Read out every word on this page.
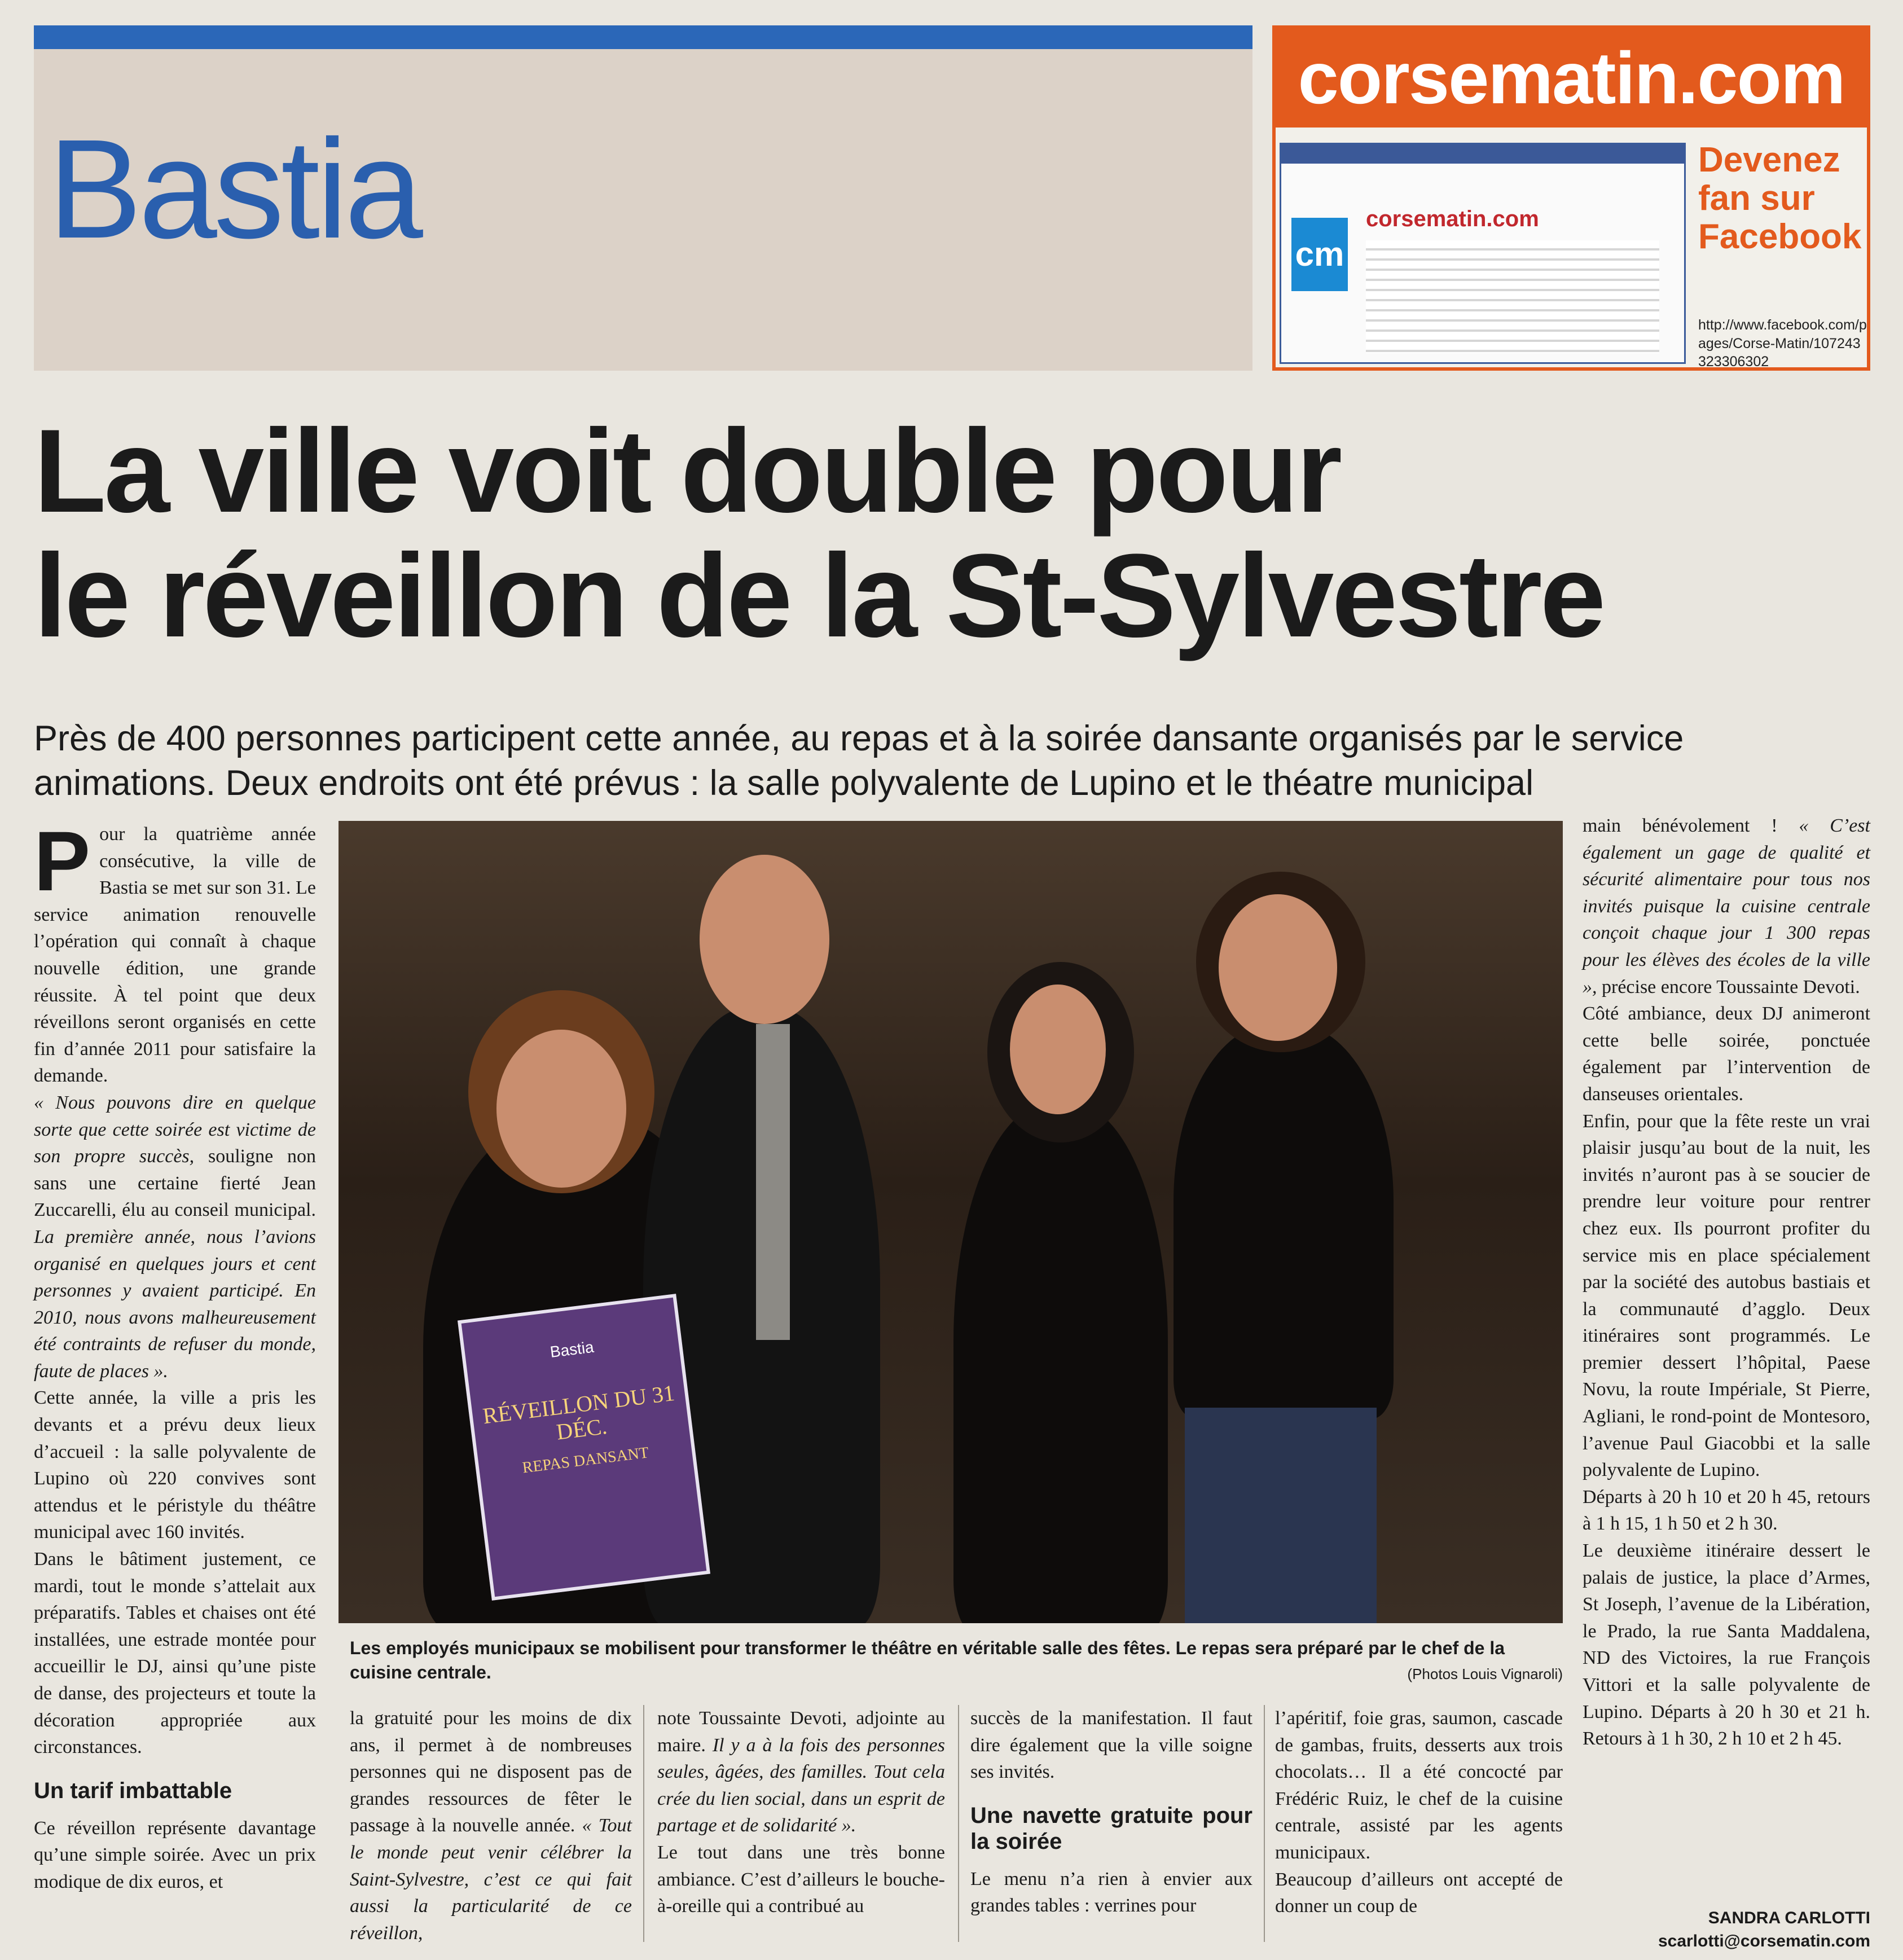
Bastia
corsematin.com
cm
corsematin.com
Devenez fan sur Facebook
http://www.facebook.com/pages/Corse-Matin/107243323306302
La ville voit double pour
le réveillon de la St-Sylvestre
Près de 400 personnes participent cette année, au repas et à la soirée dansante organisés par le service animations. Deux endroits ont été prévus : la salle polyvalente de Lupino et le théatre municipal
P our la quatrième année consécutive, la ville de Bastia se met sur son 31. Le service animation renouvelle l’opération qui connaît à chaque nouvelle édition, une grande réussite. À tel point que deux réveillons seront organisés en cette fin d’année 2011 pour satisfaire la demande.

« Nous pouvons dire en quelque sorte que cette soirée est victime de son propre succès, souligne non sans une certaine fierté Jean Zuccarelli, élu au conseil municipal. La première année, nous l’avions organisé en quelques jours et cent personnes y avaient participé. En 2010, nous avons malheureusement été contraints de refuser du monde, faute de places ».

Cette année, la ville a pris les devants et a prévu deux lieux d’accueil : la salle polyvalente de Lupino où 220 convives sont attendus et le péristyle du théâtre municipal avec 160 invités.

Dans le bâtiment justement, ce mardi, tout le monde s’attelait aux préparatifs. Tables et chaises ont été installées, une estrade montée pour accueillir le DJ, ainsi qu’une piste de danse, des projecteurs et toute la décoration appropriée aux circonstances.

Un tarif imbattable

Ce réveillon représente davantage qu’une simple soirée. Avec un prix modique de dix euros, et

Bastia
RÉVEILLON DU 31 DÉC.
REPAS DANSANT
Les employés municipaux se mobilisent pour transformer le théâtre en véritable salle des fêtes. Le repas sera préparé par le chef de la cuisine centrale.	(Photos Louis Vignaroli)

la gratuité pour les moins de dix ans, il permet à de nombreuses personnes qui ne disposent pas de grandes ressources de fêter le passage à la nouvelle année. « Tout le monde peut venir célébrer la Saint-Sylvestre, c’est ce qui fait aussi la particularité de ce réveillon,

note Toussainte Devoti, adjointe au maire. Il y a à la fois des personnes seules, âgées, des familles. Tout cela crée du lien social, dans un esprit de partage et de solidarité ».

Le tout dans une très bonne ambiance. C’est d’ailleurs le bouche-à-oreille qui a contribué au

succès de la manifestation. Il faut dire également que la ville soigne ses invités.

Une navette gratuite pour la soirée

Le menu n’a rien à envier aux grandes tables : verrines pour

l’apéritif, foie gras, saumon, cascade de gambas, fruits, desserts aux trois chocolats… Il a été concocté par Frédéric Ruiz, le chef de la cuisine centrale, assisté par les agents municipaux.

Beaucoup d’ailleurs ont accepté de donner un coup de

main bénévolement ! « C’est également un gage de qualité et sécurité alimentaire pour tous nos invités puisque la cuisine centrale conçoit chaque jour 1 300 repas pour les élèves des écoles de la ville », précise encore Toussainte Devoti.

Côté ambiance, deux DJ animeront cette belle soirée, ponctuée également par l’intervention de danseuses orientales.

Enfin, pour que la fête reste un vrai plaisir jusqu’au bout de la nuit, les invités n’auront pas à se soucier de prendre leur voiture pour rentrer chez eux. Ils pourront profiter du service mis en place spécialement par la société des autobus bastiais et la communauté d’agglo. Deux itinéraires sont programmés. Le premier dessert l’hôpital, Paese Novu, la route Impériale, St Pierre, Agliani, le rond-point de Montesoro, l’avenue Paul Giacobbi et la salle polyvalente de Lupino.

Départs à 20 h 10 et 20 h 45, retours à 1 h 15, 1 h 50 et 2 h 30.

Le deuxième itinéraire dessert le palais de justice, la place d’Armes, St Joseph, l’avenue de la Libération, le Prado, la rue Santa Maddalena, ND des Victoires, la rue François Vittori et la salle polyvalente de Lupino. Départs à 20 h 30 et 21 h. Retours à 1 h 30, 2 h 10 et 2 h 45.

SANDRA CARLOTTI
scarlotti@corsematin.com
